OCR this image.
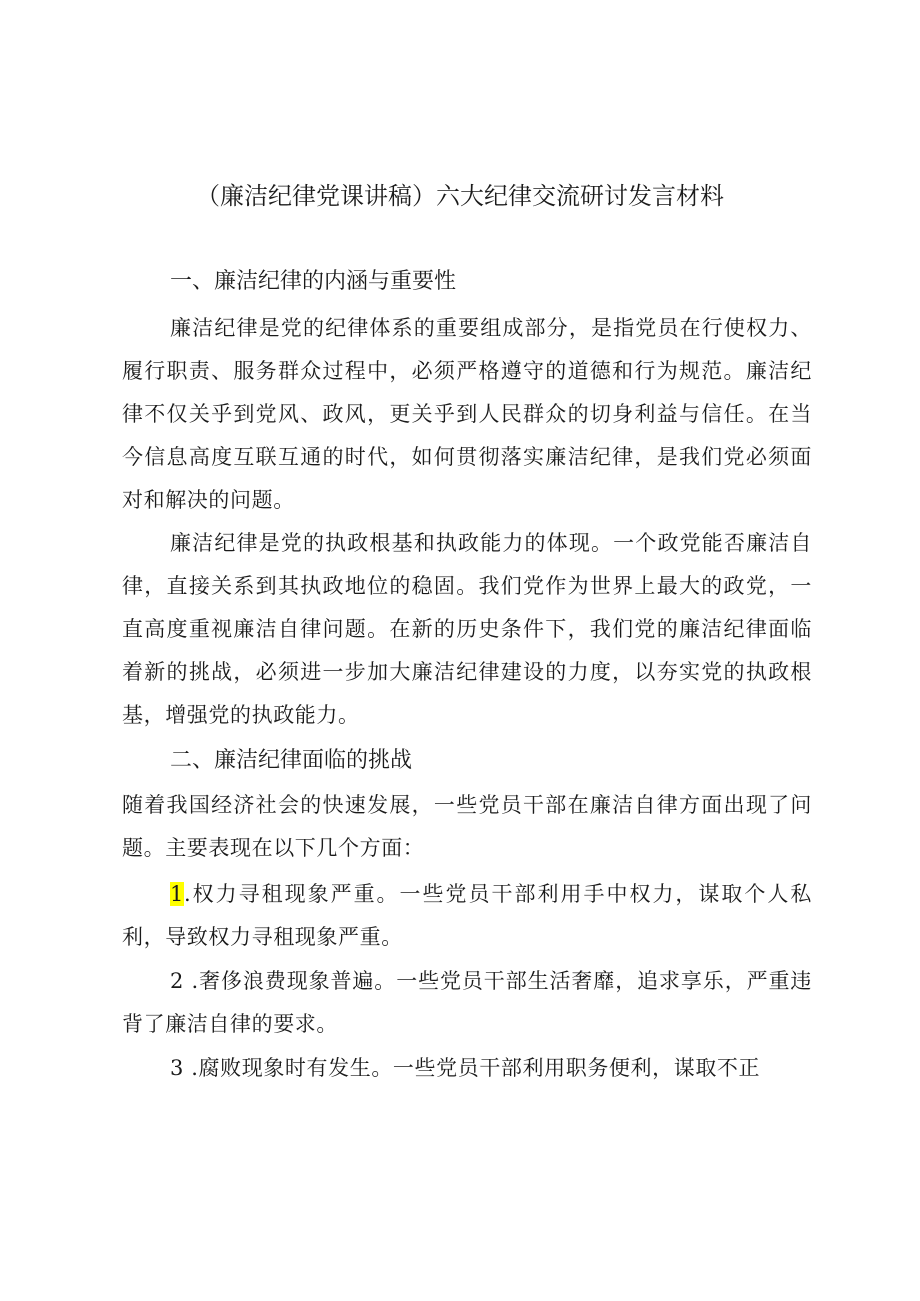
（廉洁纪律党课讲稿）六大纪律交流研讨发言材料
一、廉洁纪律的内涵与重要性
廉洁纪律是党的纪律体系的重要组成部分，是指党员在行使权力、履行职责、服务群众过程中，必须严格遵守的道德和行为规范。廉洁纪律不仅关乎到党风、政风，更关乎到人民群众的切身利益与信任。在当今信息高度互联互通的时代，如何贯彻落实廉洁纪律，是我们党必须面对和解决的问题。
廉洁纪律是党的执政根基和执政能力的体现。一个政党能否廉洁自律，直接关系到其执政地位的稳固。我们党作为世界上最大的政党，一直高度重视廉洁自律问题。在新的历史条件下，我们党的廉洁纪律面临着新的挑战，必须进一步加大廉洁纪律建设的力度，以夯实党的执政根基，增强党的执政能力。
二、廉洁纪律面临的挑战
随着我国经济社会的快速发展，一些党员干部在廉洁自律方面出现了问题。主要表现在以下几个方面：
1.权力寻租现象严重。一些党员干部利用手中权力，谋取个人私利，导致权力寻租现象严重。
2 .奢侈浪费现象普遍。一些党员干部生活奢靡，追求享乐，严重违背了廉洁自律的要求。
3 .腐败现象时有发生。一些党员干部利用职务便利，谋取不正
